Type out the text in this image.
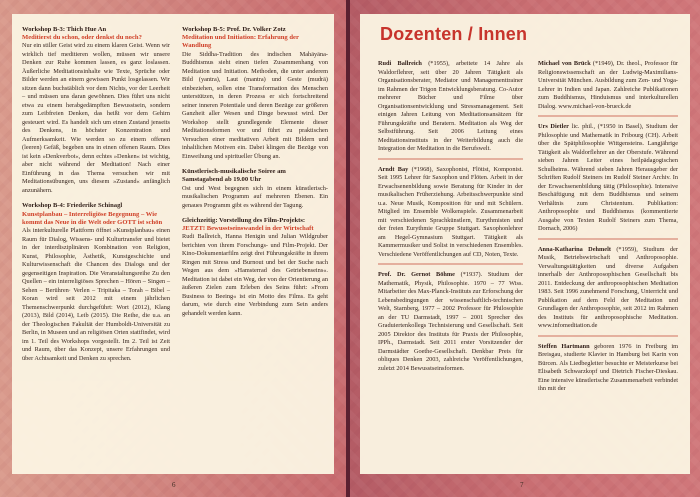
Workshop B-3: Thich Hue An
Meditierst du schon, oder denkst du noch?

Nur ein stiller Geist wird zu einem klaren Geist. Wenn wir wirklich tief meditieren wollen, müssen wir unsere Denken zur Ruhe kommen lassen, es ganz loslassen. Äußerliche Meditationsinhalte wie Texte, Sprüche oder Bilder werden an einem gewissen Punkt losgelassen. Wir sitzen dann buchstäblich vor dem Nichts, vor der Leerheit – und müssen uns daran gewöhnen. Dies führt uns nicht etwa zu einem herabgedämpften Bewusstsein, sondern zum Leibfreien Denken, das heißt vor dem Gehirn gesteuert wird. Es handelt sich um einen Zustand jenseits des Denkens, in höchster Konzentration und Aufmerksamkeit. Wie werden so zu einem offenen (leeren) Gefäß, begeben uns in einen offenen Raum. Dies ist kein »Denkverbot«, denn echtes »Denken« ist wichtig, aber nicht während der Meditation! Nach einer Einführung in das Thema versuchen wir mit Meditationsübungen, uns diesem »Zustand« anfänglich anzunähern.

Workshop B-4: Friederike Schinagl
Kunstplanbau – Interreligiöse Begegnung – Wie kommt das Neue in die Welt oder GOTT ist schön

Als interkulturelle Plattform öffnet »Kunstplanbau« einen Raum für Dialog, Wissens- und Kulturtransfer und bietet in der interdisziplinären Kombination von Religion, Kunst, Philosophie, Ästhetik, Kunstgeschichte und Kulturwissenschaft die Chancen des Dialogs und der gegenseitigen Inspiration. Die Veranstaltungsreihe Zu den Quellen – ein interreligiöses Sprechen – Hören – Singen – Sehen – Berühren· Verlen – Tripitaka – Torah – Bibel – Koran wird seit 2012 mit einem jährlichen Themenschwerpunkt durchgeführt: Wort (2012), Klang (2013), Bild (2014), Leib (2015). Die Reihe, die u.a. an der Theologischen Fakultät der Humboldt-Universität zu Berlin, in Museen und an religiösen Orten stattfindet, wird im 1. Teil des Workshops vorgestellt. Im 2. Teil ist Zeit und Raum, über das Konzept, unsere Erfahrungen und über Achtsamkeit und Denken zu sprechen.

Workshop B-5: Prof. Dr. Volker Zotz
Meditation und Initiation: Erfahrung der Wandlung

Die Siddha-Tradition des indischen Mahāyāna-Buddhismus sieht einen tiefen Zusammenhang von Meditation und Initiation. Methoden, die unter anderem Bild (yantra), Laut (mantra) und Geste (mudrā) einbeziehen, sollen eine Transformation des Menschen unterstützen, in deren Prozess er sich fortschreitend seiner inneren Potentiale und deren Bezüge zur größeren Ganzheit aller Wesen und Dinge bewusst wird. Der Workshop stellt grundlegende Elemente dieser Meditationsformen vor und führt zu praktischen Versuchen einer meditativen Arbeit mit Bildern und inhaltlichen Motiven ein. Dabei klingen die Bezüge von Einweihung und spiritueller Übung an.

Künstlerisch-musikalische Soiree am Samstagabend ab 19.00 Uhr

Ost und West begegnen sich in einem künstlerisch-musikalischen Programm auf mehreren Ebenen. Ein genaues Programm gibt es während der Tagung.

Gleichzeitig: Vorstellung des Film-Projekts:
JETZT! Bewusstseinswandel in der Wirtschaft

Rudi Ballreich, Hanna Henigin und Julian Wildgruber berichten von ihrem Forschungs- und Film-Projekt. Der Kino-Dokumentarfilm zeigt drei Führungskräfte in ihrem Ringen mit Stress und Burnout und bei der Suche nach Wegen aus dem »Hamsterrad des Getriebenseins«. Meditation ist dabei ein Weg, der von der Orientierung an äußeren Zielen zum Erleben des Seins führt: »From Business to Beeing« ist ein Motto des Films. Es geht darum, wie durch eine Verbindung zum Sein anders gehandelt werden kann.

6
Dozenten / Innen

Rudi Ballreich (*1955), arbeitete 14 Jahre als Waldorflehrer, seit über 20 Jahren Tätigkeit als Organisationsberater, Mediator und Managementtrainer im Rahmen der Trigon Entwicklungsberatung. Co-Autor mehrerer Bücher und Filme über Organisationsentwicklung und Stressmanagement. Seit einigen Jahren Leitung von Meditationsansätzen für Führungskräfte und Beratern. Meditation als Weg der Selbstführung. Seit 2006 Leitung eines Meditationsinstituts in der Weiterbildung auch die Integration der Meditation in die Berufswelt.

Arndt Bay (*1968), Saxophonist, Flötist, Komponist. Seit 1995 Lehrer für Saxophon und Flöten. Arbeit in der Erwachsenenbildung sowie Beratung für Kinder in der musikalischen Früherziehung. Arbeitsschwerpunkte sind u.a. Neue Musik, Komposition für und mit Schülern. Mitglied im Ensemble Wolkenspiele. Zusammenarbeit mit verschiedenen Sprachkünstlern, Eurythmisten und der freien Eurythmie Gruppe Stuttgart. Saxophonlehrer am Hegel-Gymnasium Stuttgart. Tätigkeit als Kammermusiker und Solist in verschiedenen Ensembles. Verschiedene Veröffentlichungen auf CD, Noten, Texte.

Prof. Dr. Gernot Böhme (*1937). Studium der Mathematik, Physik, Philosophie. 1970 – 77 Wiss. Mitarbeiter des Max-Planck-Instituts zur Erforschung der Lebensbedingungen der wissenschaftlich-technischen Welt, Starnberg, 1977 – 2002 Professor für Philosophie an der TU Darmstadt, 1997 – 2001 Sprecher des Graduiertenkollegs Technisierung und Gesellschaft. Seit 2005 Direktor des Instituts für Praxis der Philosophie, IPPh., Darmstadt. Seit 2011 erster Vorsitzender der Darmstädter Goethe-Gesellschaft. Denkbar Preis für obliques Denken 2003, zahlreiche Veröffentlichungen, zuletzt 2014 Bewusstseinsformen.

Michael von Brück (*1949), Dr. theol., Professor für Religionswissenschaft an der Ludwig-Maximilians-Universität München. Ausbildung zum Zen- und Yoga-Lehrer in Indien und Japan. Zahlreiche Publikationen zum Buddhismus, Hinduismus und interkulturellen Dialog. www.michael-von-brueck.de

Urs Dietler lic. phil., (*1950 in Basel), Studium der Philosophie und Mathematik in Fribourg (CH). Arbeit über die Spätphilosophie Wittgensteins. Langjährige Tätigkeit als Waldorflehrer an der Oberstufe. Während sieben Jahren Leiter eines heilpädagogischen Schulheims. Während sieben Jahren Herausgeber der Schriften Rudolf Steiners im Rudolf Steiner Archiv. In der Erwachsenenbildung tätig (Philosophie). Intensive Beschäftigung mit dem Buddhismus und seinem Verhältnis zum Christentum. Publikation: Anthroposophie und Buddhismus (kommentierte Ausgabe von Texten Rudolf Steiners zum Thema, Dornach, 2006)

Anna-Katharina Dehmelt (*1959), Studium der Musik, Betriebswirtschaft und Anthroposophie. Verwaltungstätigkeiten und diverse Aufgaben innerhalb der Anthroposophischen Gesellschaft bis 2011. Entdeckung der anthroposophischen Meditation 1983. Seit 1996 zunehmend Forschung, Unterricht und Publikation auf dem Feld der Meditation und Grundlagen der Anthroposophie, seit 2012 im Rahmen des Instituts für anthroposophische Meditation. www.infomeditation.de

Steffen Hartmann geboren 1976 in Freiburg im Breisgau, studierte Klavier in Hamburg bei Karin von Bürcen. Als Liedbegleiter besuchte er Meisterkurse bei Elisabeth Schwarzkopf und Dietrich Fischer-Dieskau. Eine intensive künstlerische Zusammenarbeit verbindet ihn mit der

7
